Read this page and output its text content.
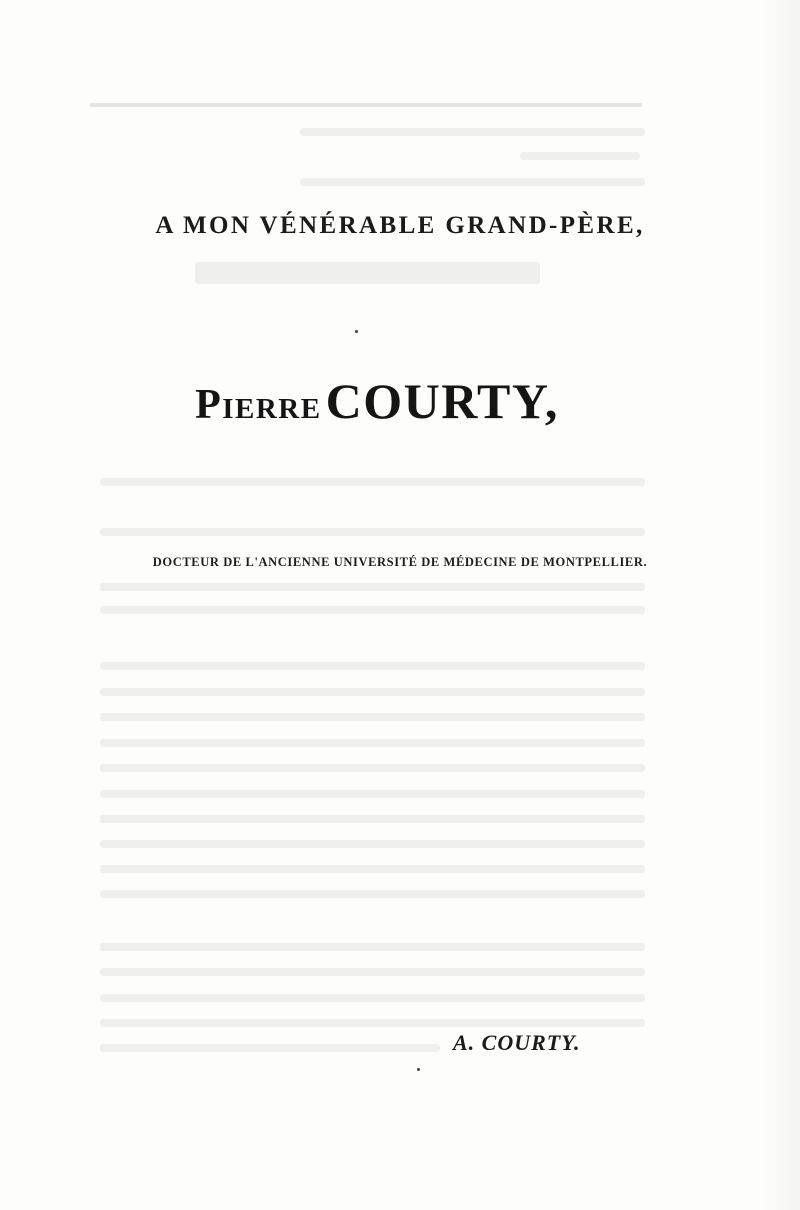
A MON VÉNÉRABLE GRAND-PÈRE,
Pierre COURTY,
DOCTEUR DE L'ANCIENNE UNIVERSITÉ DE MÉDECINE DE MONTPELLIER.
A. COURTY.
